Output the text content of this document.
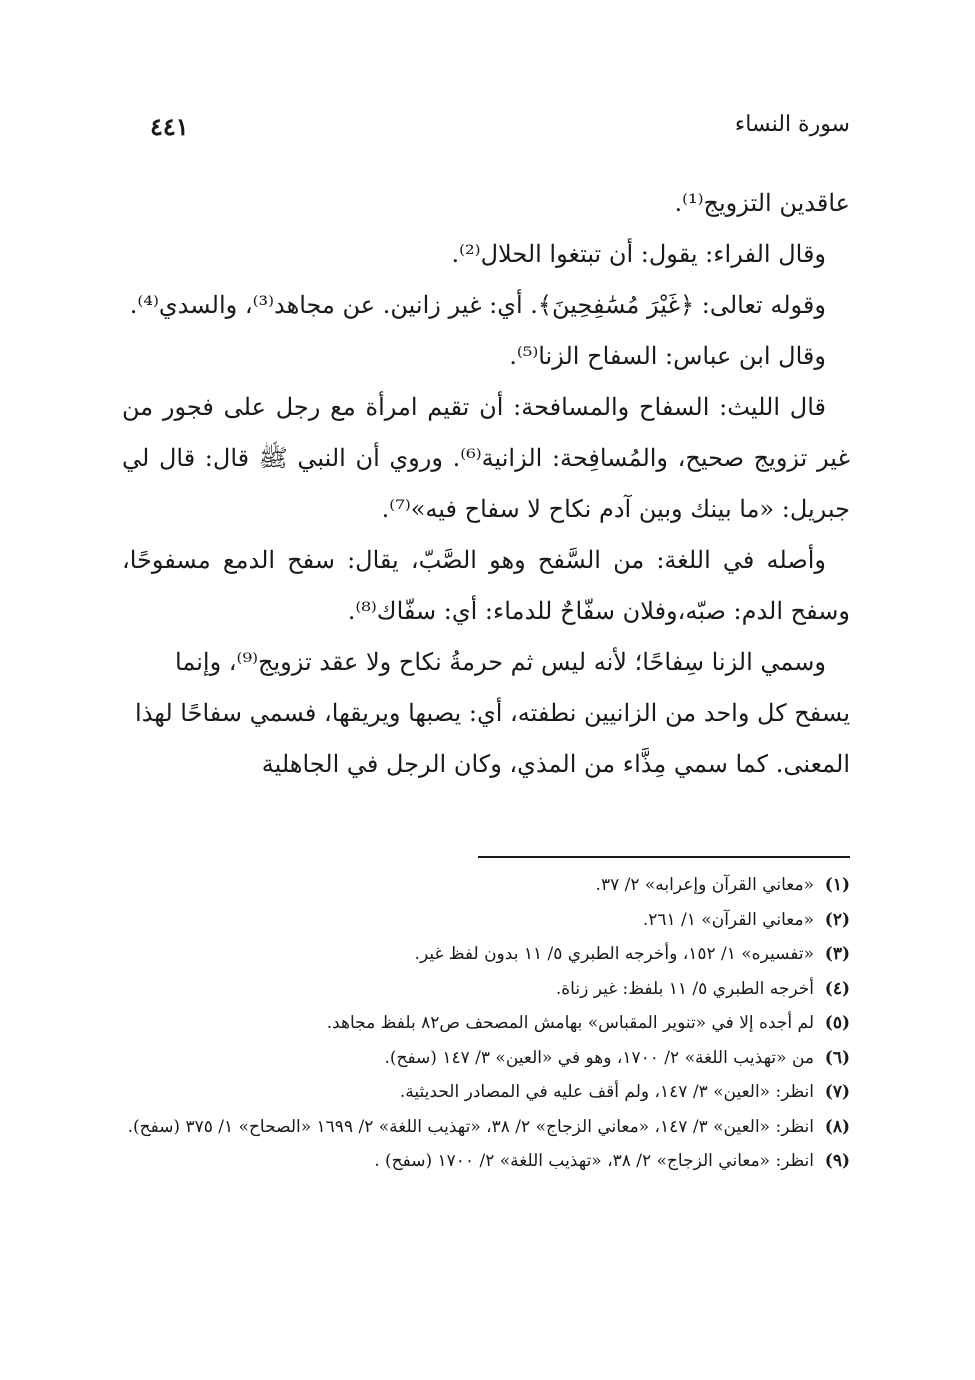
سورة النساء
٤٤١

عاقدين التزويج⁽¹⁾.

وقال الفراء: يقول: أن تبتغوا الحلال⁽²⁾.

وقوله تعالى: ﴿غَيْرَ مُسَٰفِحِينَ﴾. أي: غير زانين. عن مجاهد⁽³⁾، والسدي⁽⁴⁾.

وقال ابن عباس: السفاح الزنا⁽⁵⁾.

قال الليث: السفاح والمسافحة: أن تقيم امرأة مع رجل على فجور من غير تزويج صحيح، والمُسافِحة: الزانية⁽⁶⁾. وروي أن النبي ﷺ قال: قال لي جبريل: «ما بينك وبين آدم نكاح لا سفاح فيه»⁽⁷⁾.

وأصله في اللغة: من السَّفح وهو الصَّبّ، يقال: سفح الدمع مسفوحًا، وسفح الدم: صبّه،وفلان سفّاحٌ للدماء: أي: سفّاك⁽⁸⁾.

وسمي الزنا سِفاحًا؛ لأنه ليس ثم حرمةُ نكاح ولا عقد تزويج⁽⁹⁾، وإنما يسفح كل واحد من الزانيين نطفته، أي: يصبها ويريقها، فسمي سفاحًا لهذا المعنى. كما سمي مِذَّاء من المذي، وكان الرجل في الجاهلية

(١)
«معاني القرآن وإعرابه» ٢/ ٣٧.
(٢)
«معاني القرآن» ١/ ٢٦١.
(٣)
«تفسيره» ١/ ١٥٢، وأخرجه الطبري ٥/ ١١ بدون لفظ غير.
(٤)
أخرجه الطبري ٥/ ١١ بلفظ: غير زناة.
(٥)
لم أجده إلا في «تنوير المقباس» بهامش المصحف ص٨٢ بلفظ مجاهد.
(٦)
من «تهذيب اللغة» ٢/ ١٧٠٠، وهو في «العين» ٣/ ١٤٧ (سفح).
(٧)
انظر: «العين» ٣/ ١٤٧، ولم أقف عليه في المصادر الحديثية.
(٨)
انظر: «العين» ٣/ ١٤٧، «معاني الزجاج» ٢/ ٣٨، «تهذيب اللغة» ٢/ ١٦٩٩ «الصحاح» ١/ ٣٧٥ (سفح).
(٩)
انظر: «معاني الزجاج» ٢/ ٣٨، «تهذيب اللغة» ٢/ ١٧٠٠ (سفح) .
